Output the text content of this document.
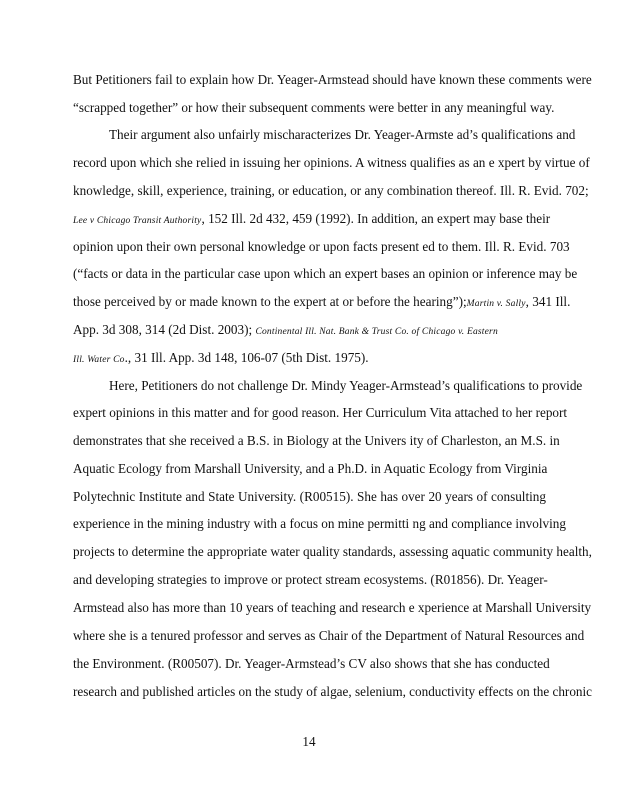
But Petitioners fail to explain how Dr. Yeager-Armstead should have known these comments were
“scrapped together” or how their subsequent comments were better in any meaningful way.
Their argument also unfairly mischaracterizes Dr. Yeager-Armste ad’s qualifications and
record upon which she relied in issuing her opinions. A witness qualifies as an e xpert by virtue of
knowledge, skill, experience, training, or education, or any combination thereof. Ill. R. Evid. 702;
Lee v Chicago Transit Authority, 152 Ill. 2d 432, 459 (1992). In addition, an expert may base their
opinion upon their own personal knowledge or upon facts present ed to them. Ill. R. Evid. 703
(“facts or data in the particular case upon which an expert bases an opinion or inference may be
those perceived by or made known to the expert at or before the hearing”);Martin v. Sally, 341 Ill.
App. 3d 308, 314 (2d Dist. 2003); Continental Ill. Nat. Bank & Trust Co. of Chicago v. Eastern
Ill. Water Co., 31 Ill. App. 3d 148, 106-07 (5th Dist. 1975).
Here, Petitioners do not challenge Dr. Mindy Yeager-Armstead’s qualifications to provide
expert opinions in this matter and for good reason. Her Curriculum Vita attached to her report
demonstrates that she received a B.S. in Biology at the Univers ity of Charleston, an M.S. in
Aquatic Ecology from Marshall University, and a Ph.D. in Aquatic Ecology from Virginia
Polytechnic Institute and State University. (R00515). She has over 20 years of consulting
experience in the mining industry with a focus on mine permitti ng and compliance involving
projects to determine the appropriate water quality standards, assessing aquatic community health,
and developing strategies to improve or protect stream ecosystems. (R01856). Dr. Yeager-
Armstead also has more than 10 years of teaching and research e xperience at Marshall University
where she is a tenured professor and serves as Chair of the Department of Natural Resources and
the Environment. (R00507). Dr. Yeager-Armstead’s CV also shows that she has conducted
research and published articles on the study of algae, selenium, conductivity effects on the chronic
14
